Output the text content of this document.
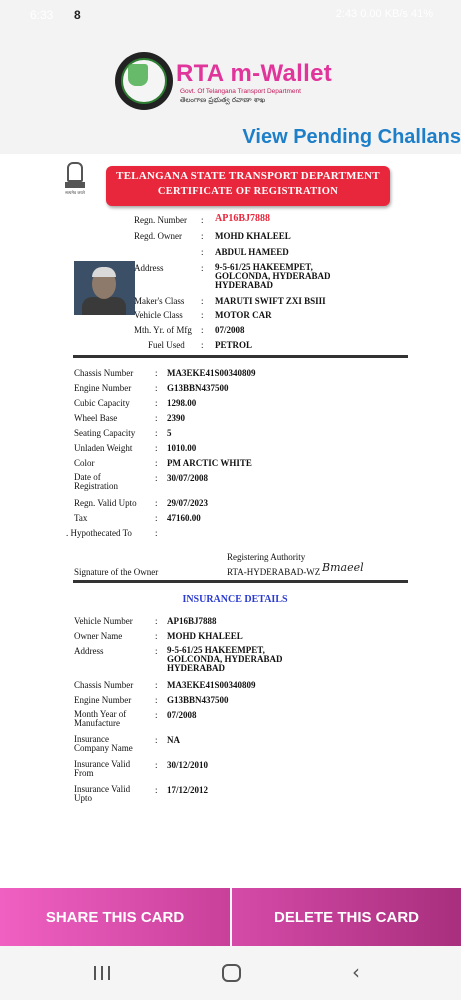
6:33 8	2:43 0.00 KB/s 41%
RTA m-Wallet
Govt. Of Telangana Transport Department
తెలంగాణ ప్రభుత్వ రవాణా శాఖ
View Pending Challans
सत्यमेव जयते
TELANGANA STATE TRANSPORT DEPARTMENT
CERTIFICATE OF REGISTRATION
Regn. Number : AP16BJ7888
Regd. Owner : MOHD KHALEEL
: ABDUL HAMEED
Address	: 9-5-61/25 HAKEEMPET,
GOLCONDA, HYDERABAD
HYDERABAD
Maker's Class : MARUTI SWIFT ZXI BSIII
Vehicle Class : MOTOR CAR
Mth. Yr. of Mfg : 07/2008
Fuel Used : PETROL
Chassis Number : MA3EKE41S00340809
Engine Number	: G13BBN437500
Cubic Capacity	: 1298.00
Wheel Base	: 2390
Seating Capacity : 5
Unladen Weight	: 1010.00
Color	: PM ARCTIC WHITE
Date of
Registration
: 30/07/2008
Regn. Valid Upto : 29/07/2023
Tax	: 47160.00
. Hypothecated To	:
Registering Authority
Signature of the Owner	RTA-HYDERABAD-WZ Bmaeel
INSURANCE DETAILS
Vehicle Number : AP16BJ7888
Owner Name	: MOHD KHALEEL
Address	: 9-5-61/25 HAKEEMPET,
GOLCONDA, HYDERABAD
HYDERABAD
Chassis Number : MA3EKE41S00340809
Engine Number	: G13BBN437500
Month Year of
Manufacture
: 07/2008
Insurance
Company Name
: NA
Insurance Valid
From
: 30/12/2010
Insurance Valid
Upto
: 17/12/2012
SHARE THIS CARD	DELETE THIS CARD
‹
